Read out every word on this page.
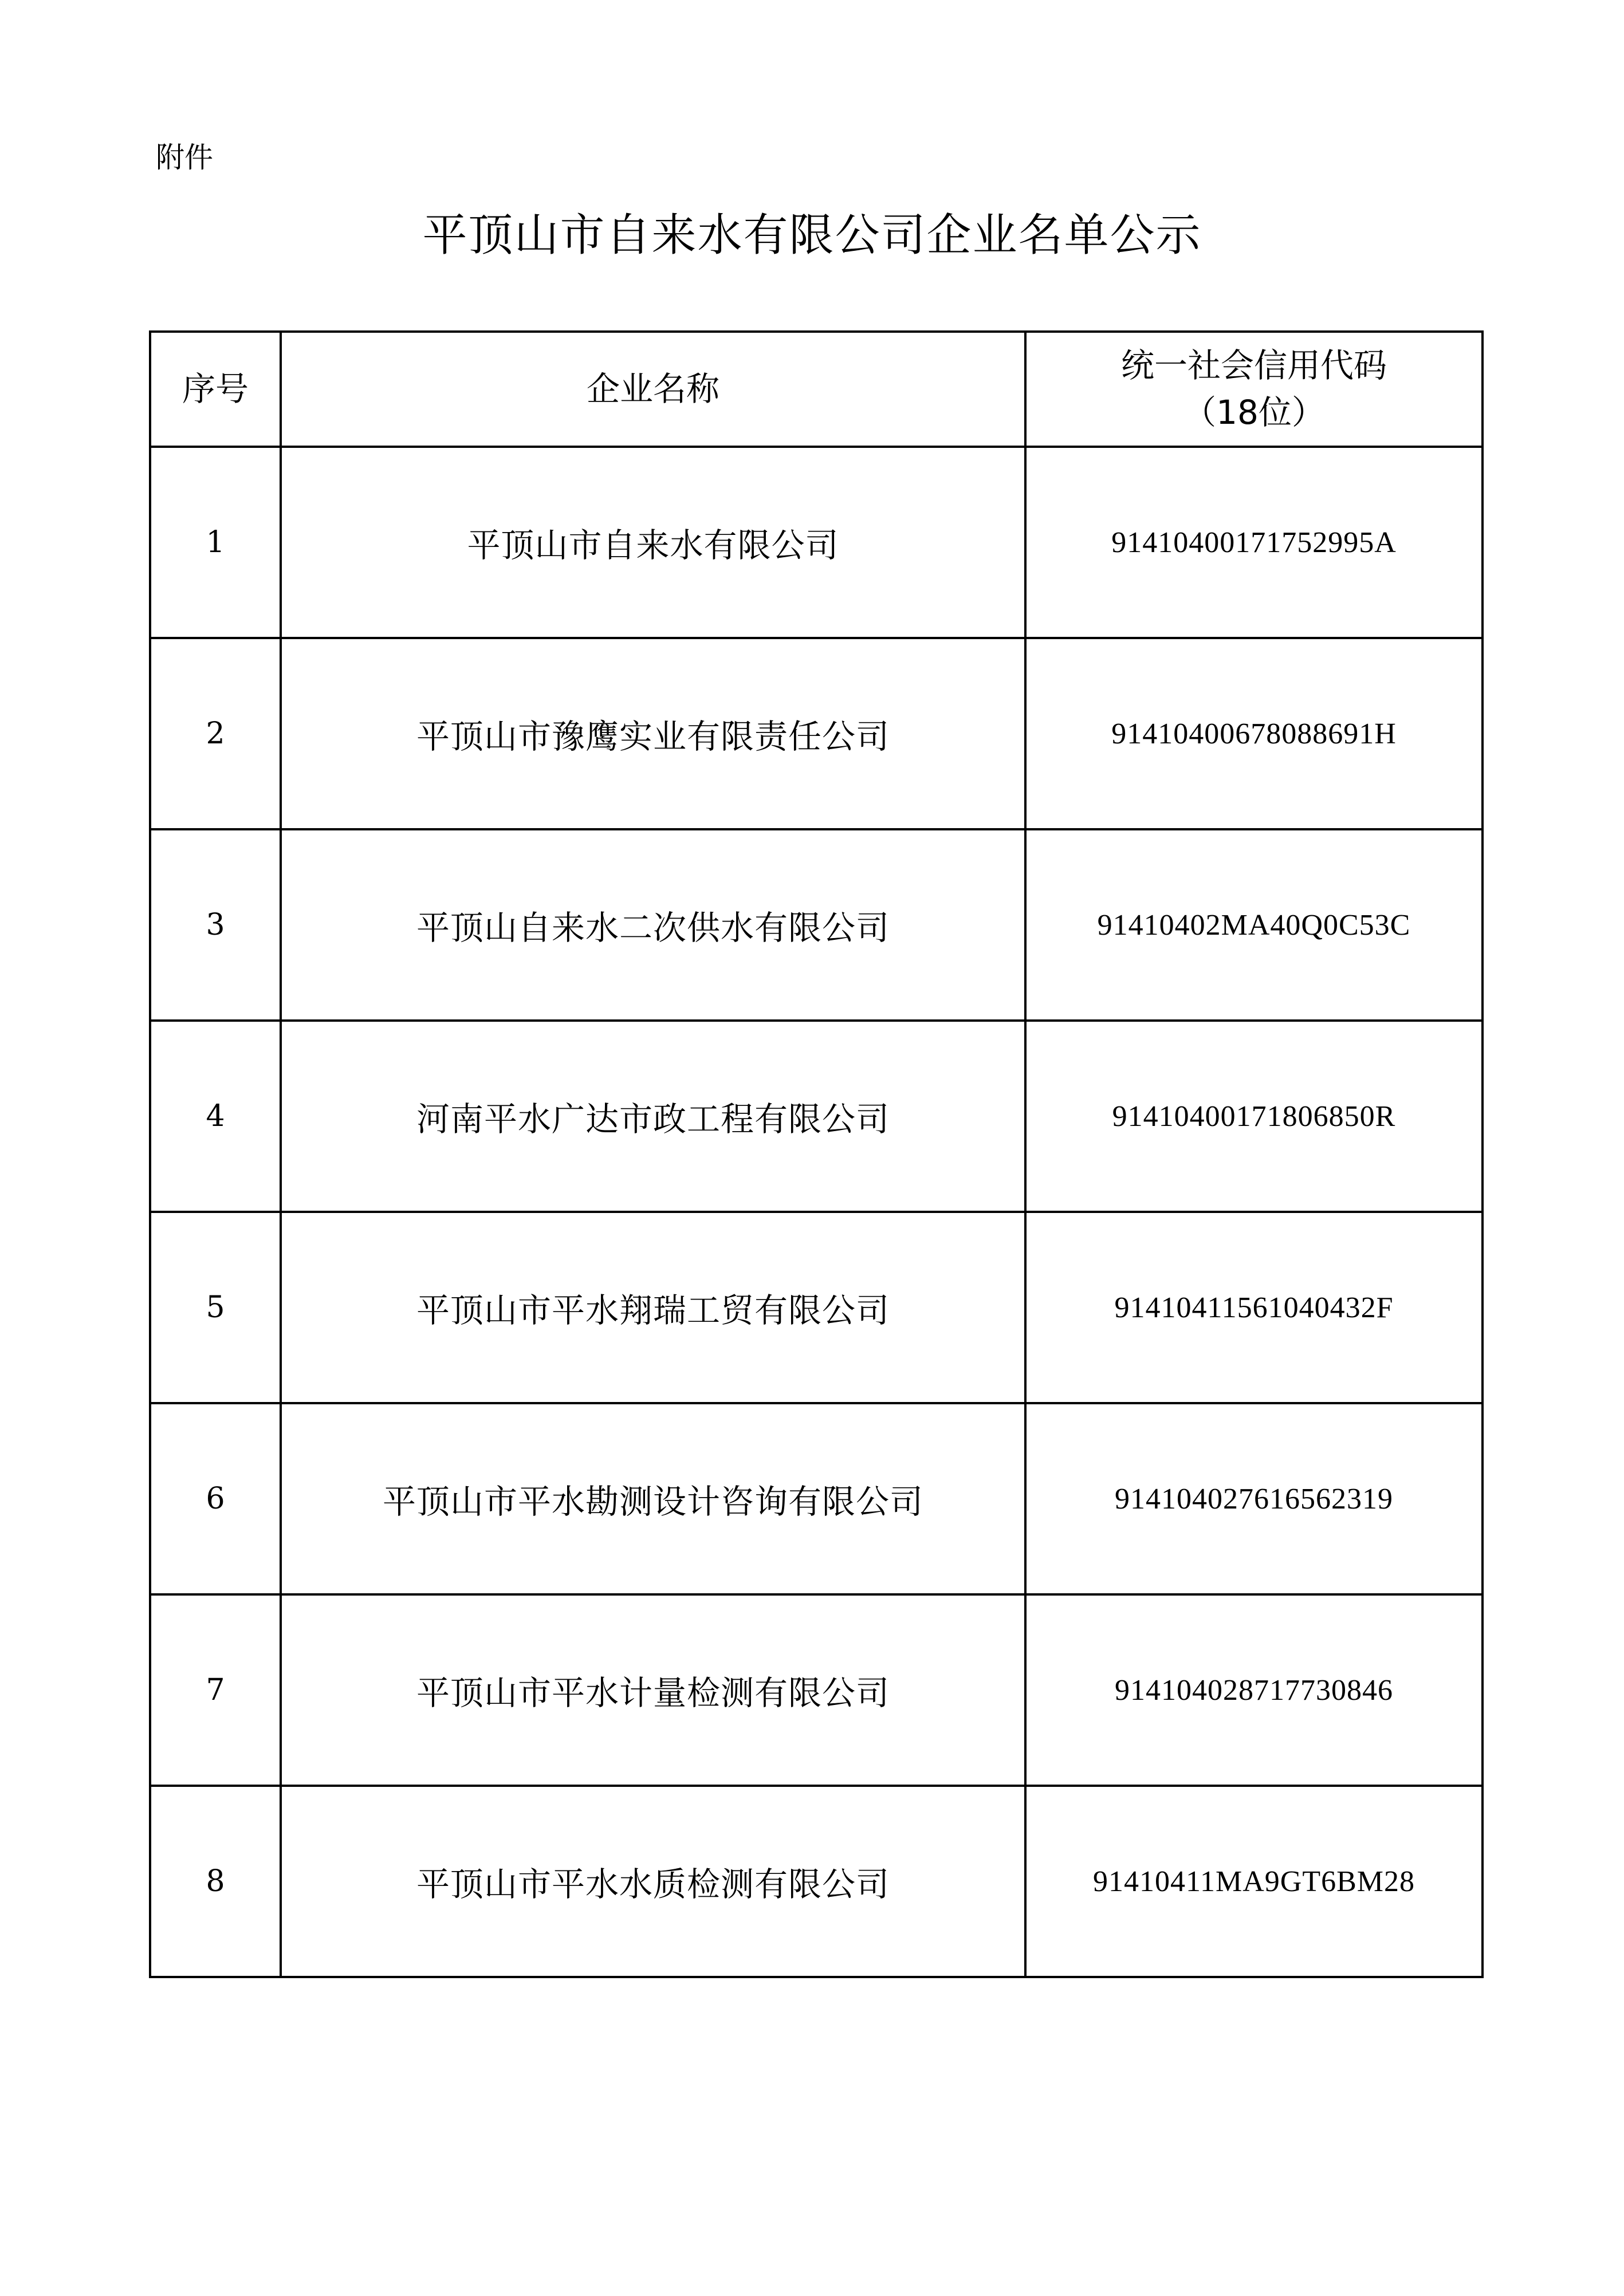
附件
平顶山市自来水有限公司企业名单公示
序号	企业名称	统一社会信用代码
（18位）

1	平顶山市自来水有限公司	91410400171752995A
2	平顶山市豫鹰实业有限责任公司	91410400678088691H
3	平顶山自来水二次供水有限公司	91410402MA40Q0C53C
4	河南平水广达市政工程有限公司	91410400171806850R
5	平顶山市平水翔瑞工贸有限公司	91410411561040432F
6	平顶山市平水勘测设计咨询有限公司	914104027616562319
7	平顶山市平水计量检测有限公司	914104028717730846
8	平顶山市平水水质检测有限公司	91410411MA9GT6BM28
